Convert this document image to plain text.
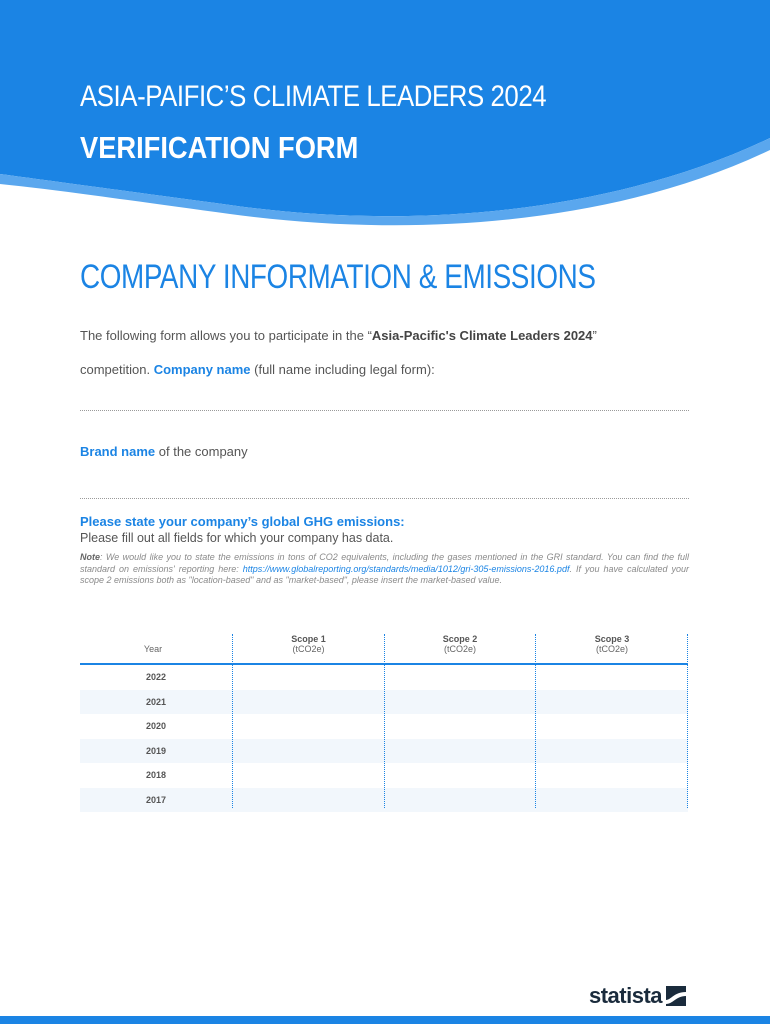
ASIA-PAIFIC’S CLIMATE LEADERS 2024
VERIFICATION FORM
COMPANY INFORMATION & EMISSIONS
The following form allows you to participate in the “Asia-Pacific's Climate Leaders 2024”
competition. Company name (full name including legal form):
Brand name of the company
Please state your company’s global GHG emissions:
Please fill out all fields for which your company has data.
Note: We would like you to state the emissions in tons of CO2 equivalents, including the gases mentioned in the GRI standard. You can find the full standard on emissions' reporting here: https://www.globalreporting.org/standards/media/1012/gri-305-emissions-2016.pdf. If you have calculated your scope 2 emissions both as "location-based" and as "market-based", please insert the market-based value.
Year
Scope 1
(tCO2e)
Scope 2
(tCO2e)
Scope 3
(tCO2e)
2022
2021
2020
2019
2018
2017
statista
